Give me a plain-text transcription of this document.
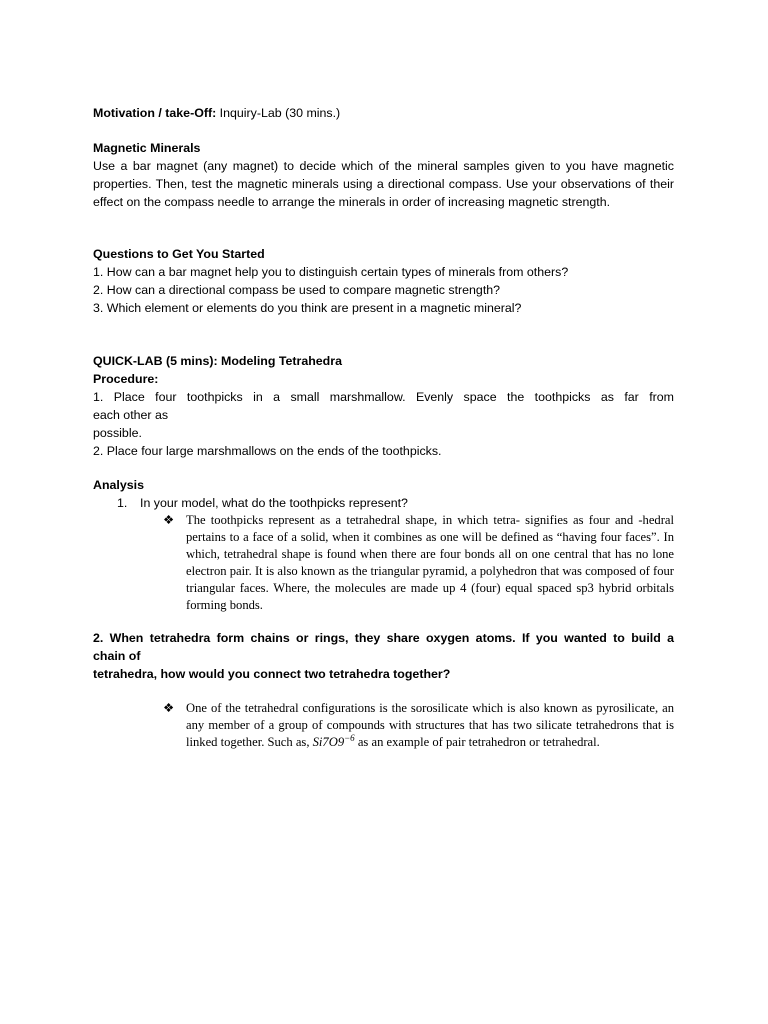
Motivation / take-Off: Inquiry-Lab (30 mins.)

Magnetic Minerals

Use a bar magnet (any magnet) to decide which of the mineral samples given to you have magnetic properties. Then, test the magnetic minerals using a directional compass. Use your observations of their effect on the compass needle to arrange the minerals in order of increasing magnetic strength.

Questions to Get You Started

1. How can a bar magnet help you to distinguish certain types of minerals from others?

2. How can a directional compass be used to compare magnetic strength?

3. Which element or elements do you think are present in a magnetic mineral?

QUICK-LAB (5 mins): Modeling Tetrahedra

Procedure:

1. Place four toothpicks in a small marshmallow. Evenly space the toothpicks as far from

each other as

possible.

2. Place four large marshmallows on the ends of the toothpicks.

Analysis

1. In your model, what do the toothpicks represent?
❖ The toothpicks represent as a tetrahedral shape, in which tetra- signifies as four and -hedral pertains to a face of a solid, when it combines as one will be defined as “having four faces”. In which, tetrahedral shape is found when there are four bonds all on one central that has no lone electron pair. It is also known as the triangular pyramid, a polyhedron that was composed of four triangular faces. Where, the molecules are made up 4 (four) equal spaced sp3 hybrid orbitals forming bonds.

2. When tetrahedra form chains or rings, they share oxygen atoms. If you wanted to build a

chain of

tetrahedra, how would you connect two tetrahedra together?

❖ One of the tetrahedral configurations is the sorosilicate which is also known as pyrosilicate, an any member of a group of compounds with structures that has two silicate tetrahedrons that is linked together. Such as, $Si7O9^{-6}$ as an example of pair tetrahedron or tetrahedral.
